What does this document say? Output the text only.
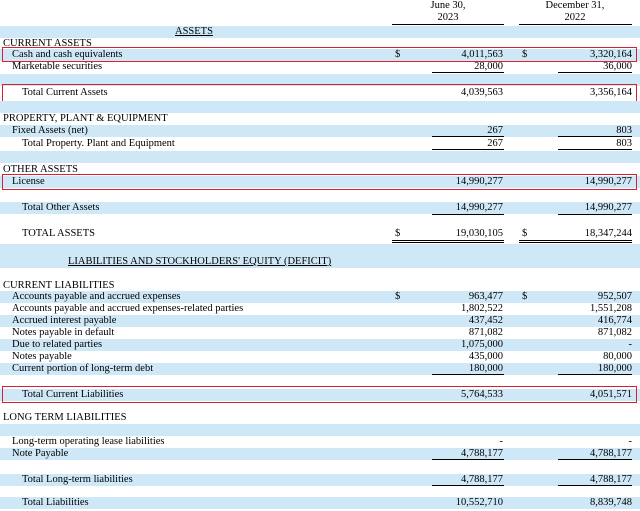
June 30,
2023
December 31,
2022
ASSETS
CURRENT ASSETS
Cash and cash equivalents	$	4,011,563 $	3,320,164
Marketable securities	28,000	36,000
Total Current Assets	4,039,563	3,356,164
PROPERTY, PLANT & EQUIPMENT
Fixed Assets (net)	267	803
Total Property. Plant and Equipment	267	803
OTHER ASSETS
License	14,990,277	14,990,277
Total Other Assets	14,990,277	14,990,277
TOTAL ASSETS	$	19,030,105 $	18,347,244
LIABILITIES AND STOCKHOLDERS' EQUITY (DEFICIT)
CURRENT LIABILITIES
Accounts payable and accrued expenses	$	963,477 $	952,507
Accounts payable and accrued expenses-related parties	1,802,522	1,551,208
Accrued interest payable	437,452	416,774
Notes payable in default	871,082	871,082
Due to related parties	1,075,000	-
Notes payable	435,000	80,000
Current portion of long-term debt	180,000	180,000
Total Current Liabilities	5,764,533	4,051,571
LONG TERM LIABILITIES
Long-term operating lease liabilities	-	-
Note Payable	4,788,177	4,788,177
Total Long-term liabilities	4,788,177	4,788,177
Total Liabilities	10,552,710	8,839,748
